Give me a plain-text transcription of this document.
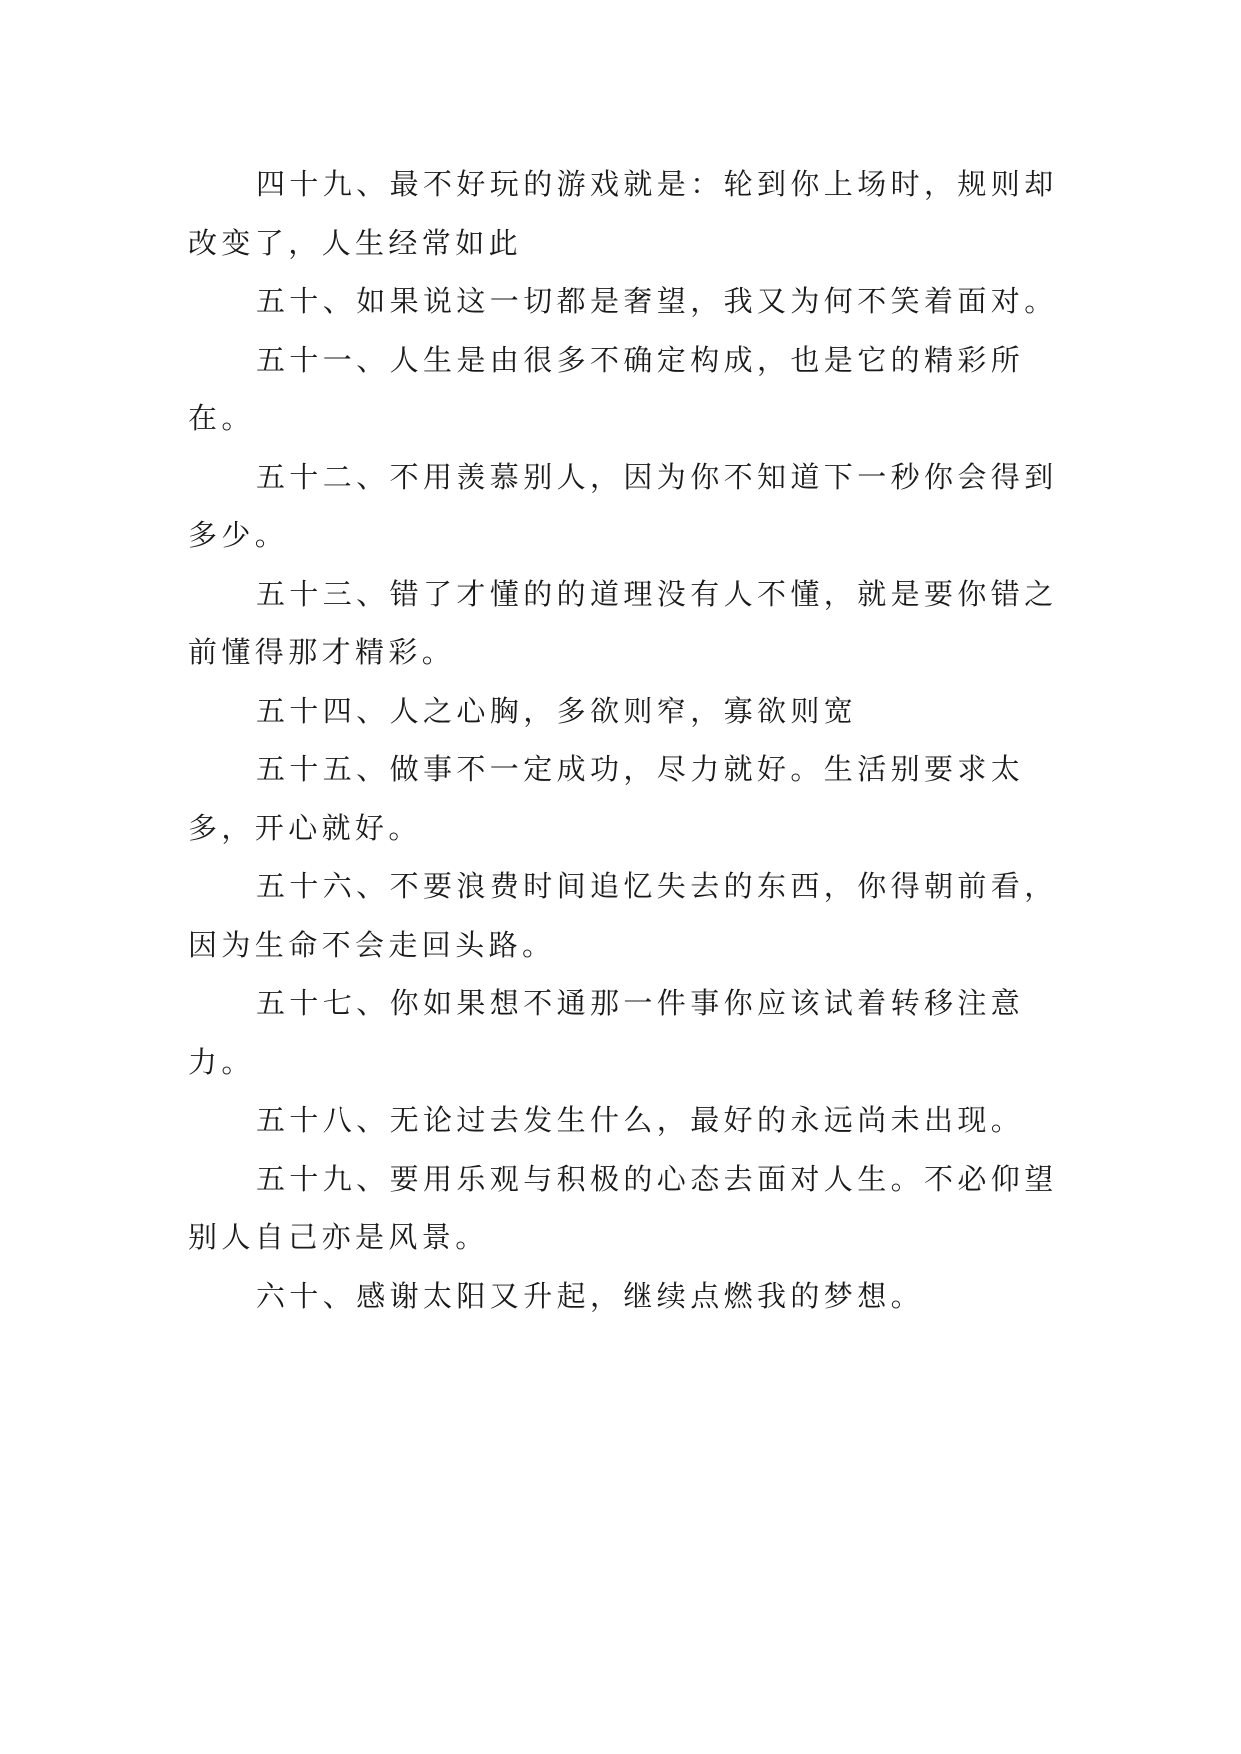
四十九、最不好玩的游戏就是：轮到你上场时，规则却改变了，人生经常如此

五十、如果说这一切都是奢望，我又为何不笑着面对。

五十一、人生是由很多不确定构成，也是它的精彩所在。

五十二、不用羡慕别人，因为你不知道下一秒你会得到多少。

五十三、错了才懂的的道理没有人不懂，就是要你错之前懂得那才精彩。

五十四、人之心胸，多欲则窄，寡欲则宽

五十五、做事不一定成功，尽力就好。生活别要求太多，开心就好。

五十六、不要浪费时间追忆失去的东西，你得朝前看，因为生命不会走回头路。

五十七、你如果想不通那一件事你应该试着转移注意力。

五十八、无论过去发生什么，最好的永远尚未出现。

五十九、要用乐观与积极的心态去面对人生。不必仰望别人自己亦是风景。

六十、感谢太阳又升起，继续点燃我的梦想。
